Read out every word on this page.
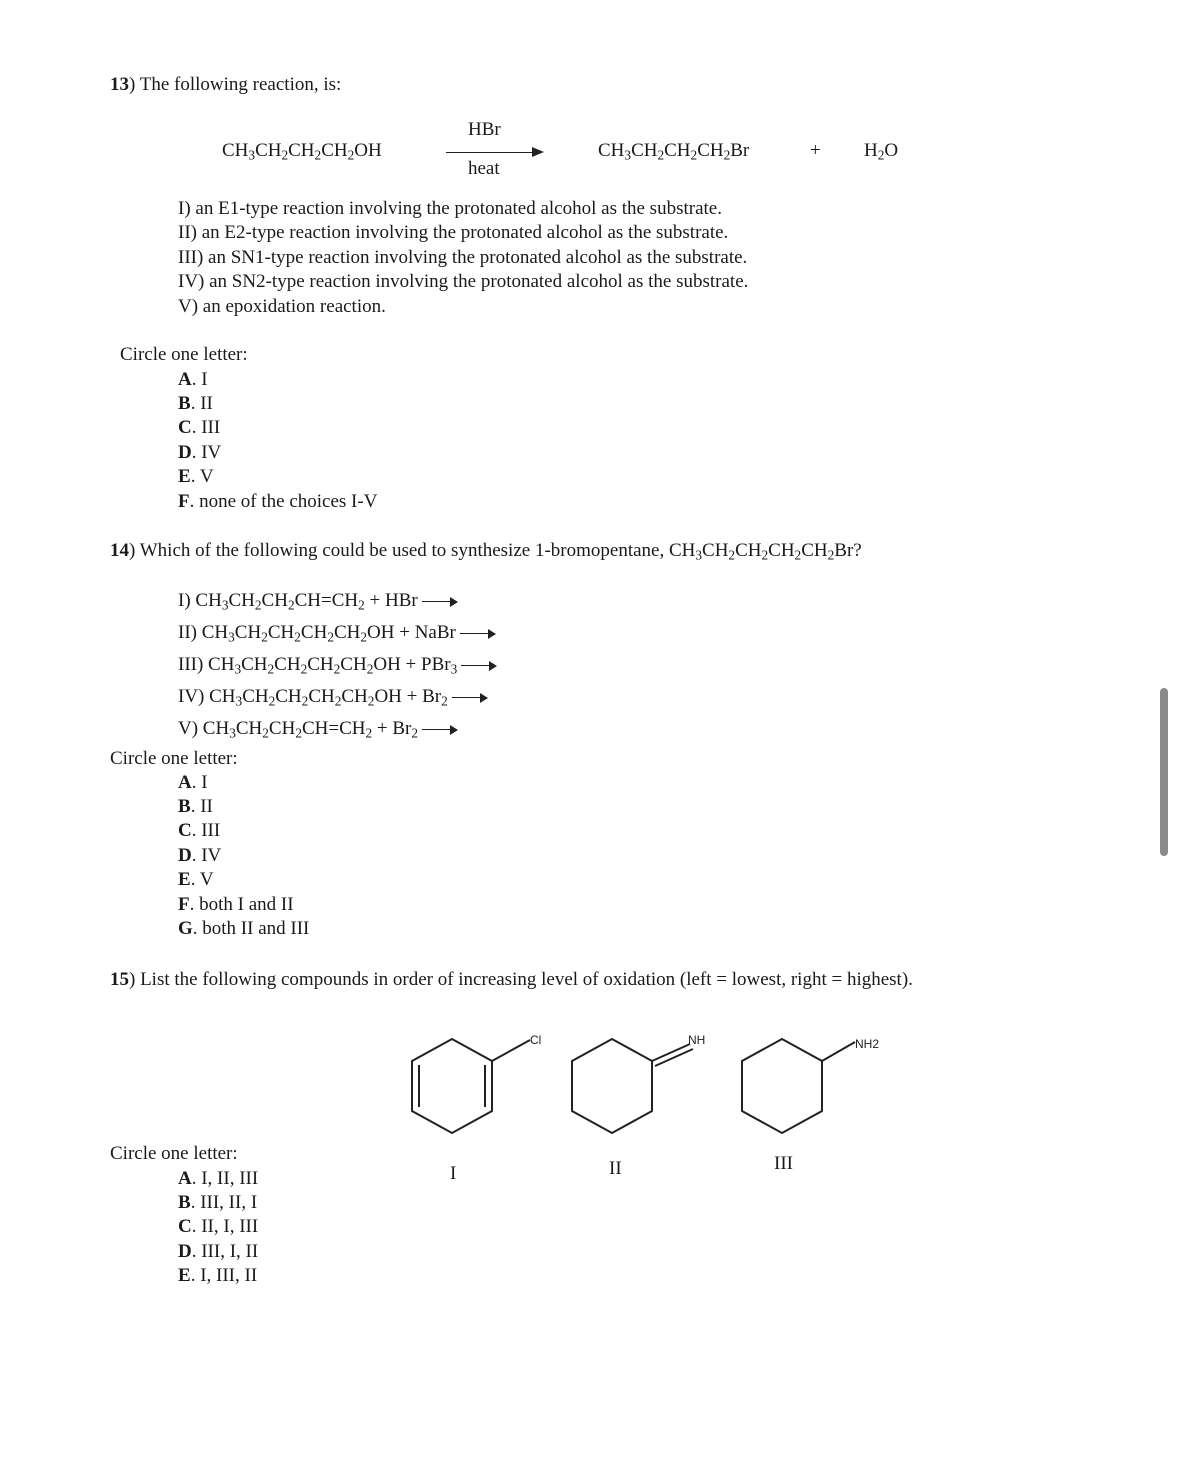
13) The following reaction, is:
$CH_3CH_2CH_2CH_2OH$
HBr
heat
$CH_3CH_2CH_2CH_2Br$	+ $H_2O$
I) an E1-type reaction involving the protonated alcohol as the substrate.
II) an E2-type reaction involving the protonated alcohol as the substrate.
III) an SN1-type reaction involving the protonated alcohol as the substrate.
IV) an SN2-type reaction involving the protonated alcohol as the substrate.
V) an epoxidation reaction.
Circle one letter:
A. I
B. II
C. III
D. IV
E. V
F. none of the choices I-V
14) Which of the following could be used to synthesize 1-bromopentane, $CH_3CH_2CH_2CH_2CH_2Br$?
I) $CH_3CH_2CH_2CH=CH_2$ + HBr
II) $CH_3CH_2CH_2CH_2CH_2OH$ + NaBr
III) $CH_3CH_2CH_2CH_2CH_2OH + PBr_3$
IV) $CH_3CH_2CH_2CH_2CH_2OH + Br_2$
V) $CH_3CH_2CH_2CH=CH_2 + Br_2$
Circle one letter:
A. I
B. II
C. III
D. IV
E. V
F. both I and II
G. both II and III
15) List the following compounds in order of increasing level of oxidation (left = lowest, right = highest).
Cl	NH	NH2
I	II	III
Circle one letter:
A. I, II, III
B. III, II, I
C. II, I, III
D. III, I, II
E. I, III, II
